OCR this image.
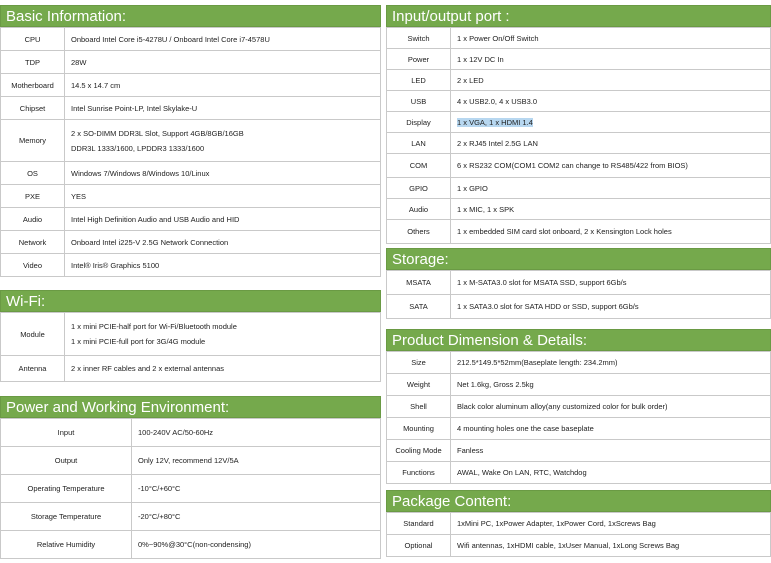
Basic Information:
CPU	Onboard Intel Core i5-4278U / Onboard Intel Core i7-4578U

TDP	28W

Motherboard	14.5 x 14.7 cm

Chipset	Intel Sunrise Point-LP, Intel Skylake-U

Memory	2 x SO-DIMM DDR3L Slot, Support 4GB/8GB/16GB
DDR3L 1333/1600, LPDDR3 1333/1600

OS	Windows 7/Windows 8/Windows 10/Linux

PXE	YES

Audio	Intel High Definition Audio and USB Audio and HID

Network	Onboard Intel i225-V 2.5G Network Connection

Video	Intel® Iris® Graphics 5100
Wi-Fi:
Module	1 x mini PCIE-half port for Wi-Fi/Bluetooth module
1 x mini PCIE-full port for 3G/4G module

Antenna	2 x inner RF cables and 2 x external antennas
Power and Working Environment:
Input	100-240V AC/50-60Hz

Output	Only 12V, recommend 12V/5A

Operating Temperature	-10°C/+60°C

Storage Temperature	-20°C/+80°C

Relative Humidity	0%~90%@30°C(non-condensing)
Input/output port :
Switch	1 x Power On/Off Switch

Power	1 x 12V DC In

LED	2 x LED

USB	4 x USB2.0, 4 x USB3.0

Display	1 x VGA, 1 x HDMI 1.4

LAN	2 x RJ45 Intel 2.5G LAN

COM	6 x RS232 COM(COM1 COM2 can change to RS485/422 from BIOS)

GPIO	1 x GPIO

Audio	1 x MIC, 1 x SPK

Others	1 x embedded SIM card slot onboard, 2 x Kensington Lock holes
Storage:
MSATA	1 x M-SATA3.0 slot for MSATA SSD, support 6Gb/s

SATA	1 x SATA3.0 slot for SATA HDD or SSD, support 6Gb/s
Product Dimension & Details:
Size	212.5*149.5*52mm(Baseplate length: 234.2mm)

Weight	Net 1.6kg, Gross 2.5kg

Shell	Black color aluminum alloy(any customized color for bulk order)

Mounting	4 mounting holes one the case baseplate

Cooling Mode	Fanless

Functions	AWAL, Wake On LAN, RTC, Watchdog
Package Content:
Standard	1xMini PC, 1xPower Adapter, 1xPower Cord, 1xScrews Bag

Optional	Wifi antennas, 1xHDMI cable, 1xUser Manual, 1xLong Screws Bag
